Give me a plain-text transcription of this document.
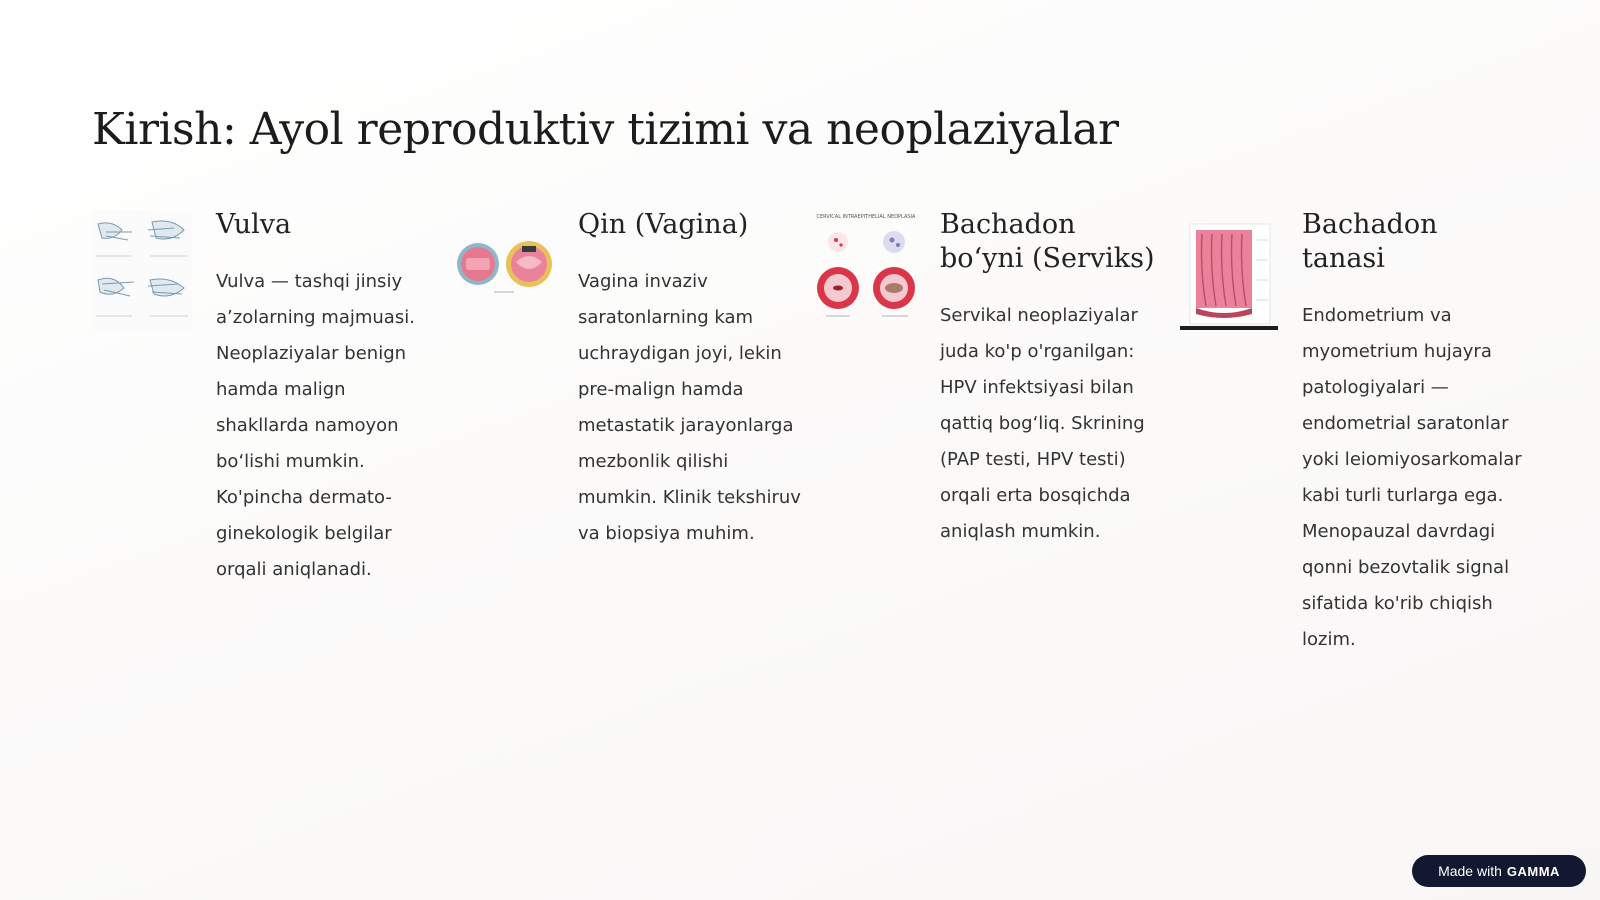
Kirish: Ayol reproduktiv tizimi va neoplaziyalar
Vulva

Vulva — tashqi jinsiy a’zolarning majmuasi. Neoplaziyalar benign hamda malign shakllarda namoyon bo‘lishi mumkin. Ko'pincha dermato-ginekologik belgilar orqali aniqlanadi.

Qin (Vagina)

Vagina invaziv saratonlarning kam uchraydigan joyi, lekin pre-malign hamda metastatik jarayonlarga mezbonlik qilishi mumkin. Klinik tekshiruv va biopsiya muhim.

CERVICAL INTRAEPITHELIAL NEOPLASIA Bachadon bo‘yni (Serviks)

Servikal neoplaziyalar juda ko'p o'rganilgan: HPV infektsiyasi bilan qattiq bog‘liq. Skrining (PAP testi, HPV testi) orqali erta bosqichda aniqlash mumkin.

Bachadon tanasi

Endometrium va myometrium hujayra patologiyalari — endometrial saratonlar yoki leiomiyosarkomalar kabi turli turlarga ega. Menopauzal davrdagi qonni bezovtalik signal sifatida ko'rib chiqish lozim.

Made with GAMMA
